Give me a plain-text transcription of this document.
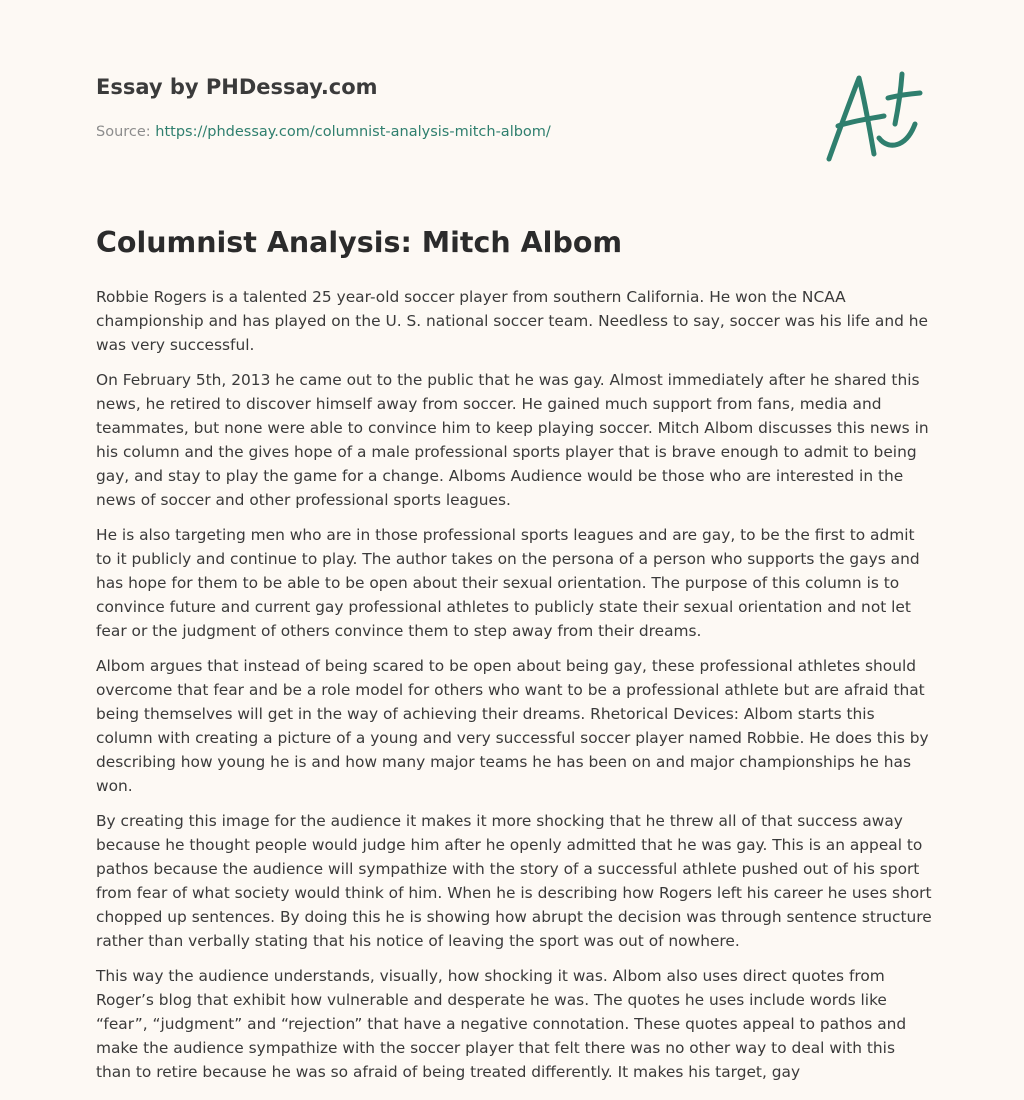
Essay by PHDessay.com
Source: https://phdessay.com/columnist-analysis-mitch-albom/
Columnist Analysis: Mitch Albom

Robbie Rogers is a talented 25 year-old soccer player from southern California. He won the NCAA championship and has played on the U. S. national soccer team. Needless to say, soccer was his life and he was very successful.

On February 5th, 2013 he came out to the public that he was gay. Almost immediately after he shared this news, he retired to discover himself away from soccer. He gained much support from fans, media and teammates, but none were able to convince him to keep playing soccer. Mitch Albom discusses this news in his column and the gives hope of a male professional sports player that is brave enough to admit to being gay, and stay to play the game for a change. Alboms Audience would be those who are interested in the news of soccer and other professional sports leagues.

He is also targeting men who are in those professional sports leagues and are gay, to be the first to admit to it publicly and continue to play. The author takes on the persona of a person who supports the gays and has hope for them to be able to be open about their sexual orientation. The purpose of this column is to convince future and current gay professional athletes to publicly state their sexual orientation and not let fear or the judgment of others convince them to step away from their dreams.

Albom argues that instead of being scared to be open about being gay, these professional athletes should overcome that fear and be a role model for others who want to be a professional athlete but are afraid that being themselves will get in the way of achieving their dreams. Rhetorical Devices: Albom starts this column with creating a picture of a young and very successful soccer player named Robbie. He does this by describing how young he is and how many major teams he has been on and major championships he has won.

By creating this image for the audience it makes it more shocking that he threw all of that success away because he thought people would judge him after he openly admitted that he was gay. This is an appeal to pathos because the audience will sympathize with the story of a successful athlete pushed out of his sport from fear of what society would think of him. When he is describing how Rogers left his career he uses short chopped up sentences. By doing this he is showing how abrupt the decision was through sentence structure rather than verbally stating that his notice of leaving the sport was out of nowhere.

This way the audience understands, visually, how shocking it was. Albom also uses direct quotes from Roger’s blog that exhibit how vulnerable and desperate he was. The quotes he uses include words like “fear”, “judgment” and “rejection” that have a negative connotation. These quotes appeal to pathos and make the audience sympathize with the soccer player that felt there was no other way to deal with this than to retire because he was so afraid of being treated differently. It makes his target, gay
